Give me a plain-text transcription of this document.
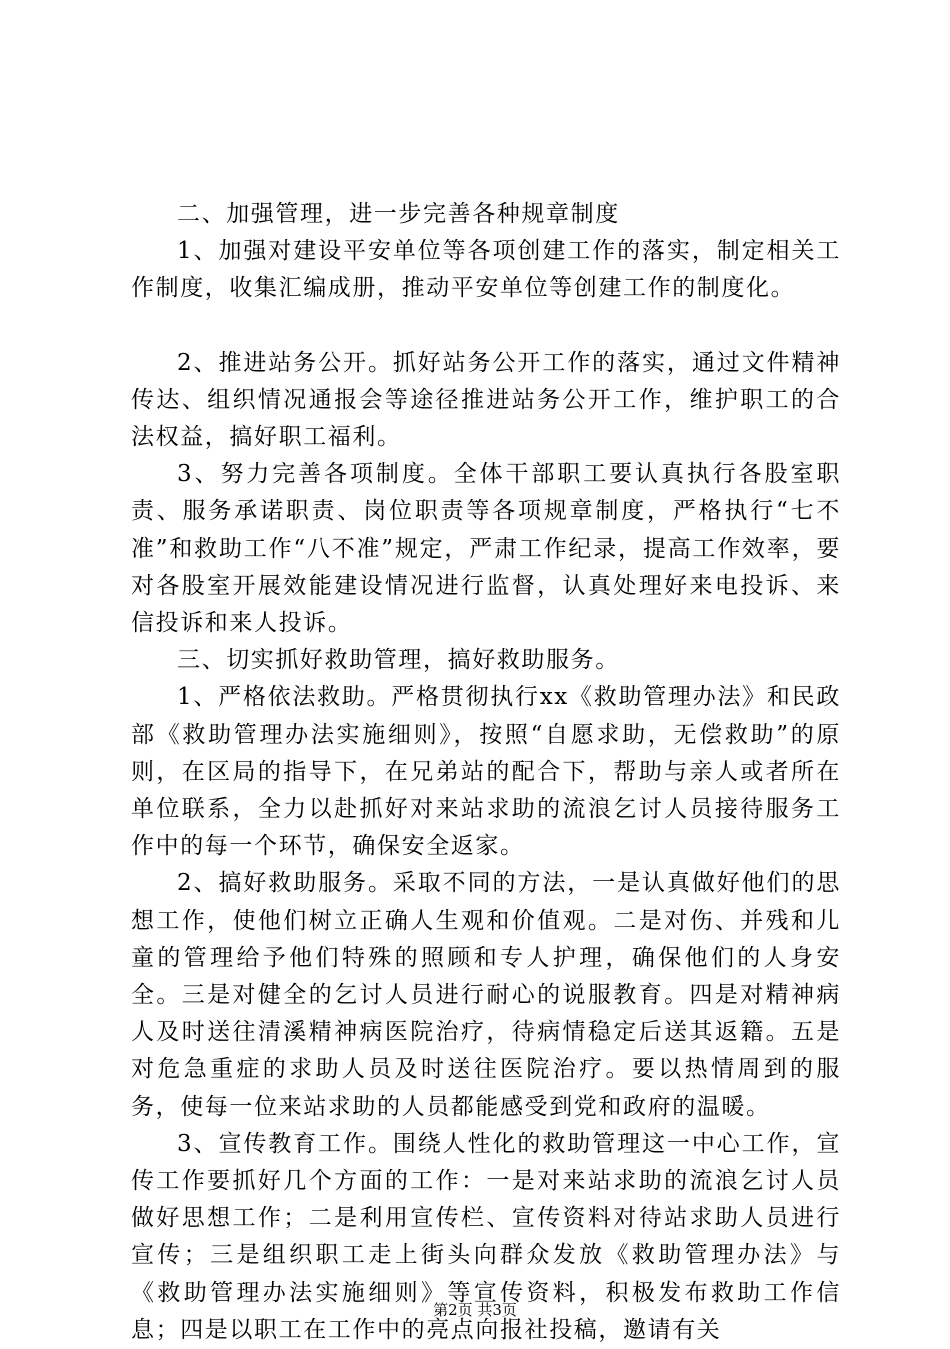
二、加强管理，进一步完善各种规章制度

1、加强对建设平安单位等各项创建工作的落实，制定相关工作制度，收集汇编成册，推动平安单位等创建工作的制度化。

2、推进站务公开。抓好站务公开工作的落实，通过文件精神传达、组织情况通报会等途径推进站务公开工作，维护职工的合法权益，搞好职工福利。

3、努力完善各项制度。全体干部职工要认真执行各股室职责、服务承诺职责、岗位职责等各项规章制度，严格执行“七不准”和救助工作“八不准”规定，严肃工作纪录，提高工作效率，要对各股室开展效能建设情况进行监督，认真处理好来电投诉、来信投诉和来人投诉。

三、切实抓好救助管理，搞好救助服务。

1、严格依法救助。严格贯彻执行xx《救助管理办法》和民政部《救助管理办法实施细则》，按照“自愿求助，无偿救助”的原则，在区局的指导下，在兄弟站的配合下，帮助与亲人或者所在单位联系，全力以赴抓好对来站求助的流浪乞讨人员接待服务工作中的每一个环节，确保安全返家。

2、搞好救助服务。采取不同的方法，一是认真做好他们的思想工作，使他们树立正确人生观和价值观。二是对伤、并残和儿童的管理给予他们特殊的照顾和专人护理，确保他们的人身安全。三是对健全的乞讨人员进行耐心的说服教育。四是对精神病人及时送往清溪精神病医院治疗，待病情稳定后送其返籍。五是对危急重症的求助人员及时送往医院治疗。要以热情周到的服务，使每一位来站求助的人员都能感受到党和政府的温暖。

3、宣传教育工作。围绕人性化的救助管理这一中心工作，宣传工作要抓好几个方面的工作：一是对来站求助的流浪乞讨人员做好思想工作；二是利用宣传栏、宣传资料对待站求助人员进行宣传；三是组织职工走上街头向群众发放《救助管理办法》与《救助管理办法实施细则》等宣传资料，积极发布救助工作信息；四是以职工在工作中的亮点向报社投稿，邀请有关

第2页 共3页
